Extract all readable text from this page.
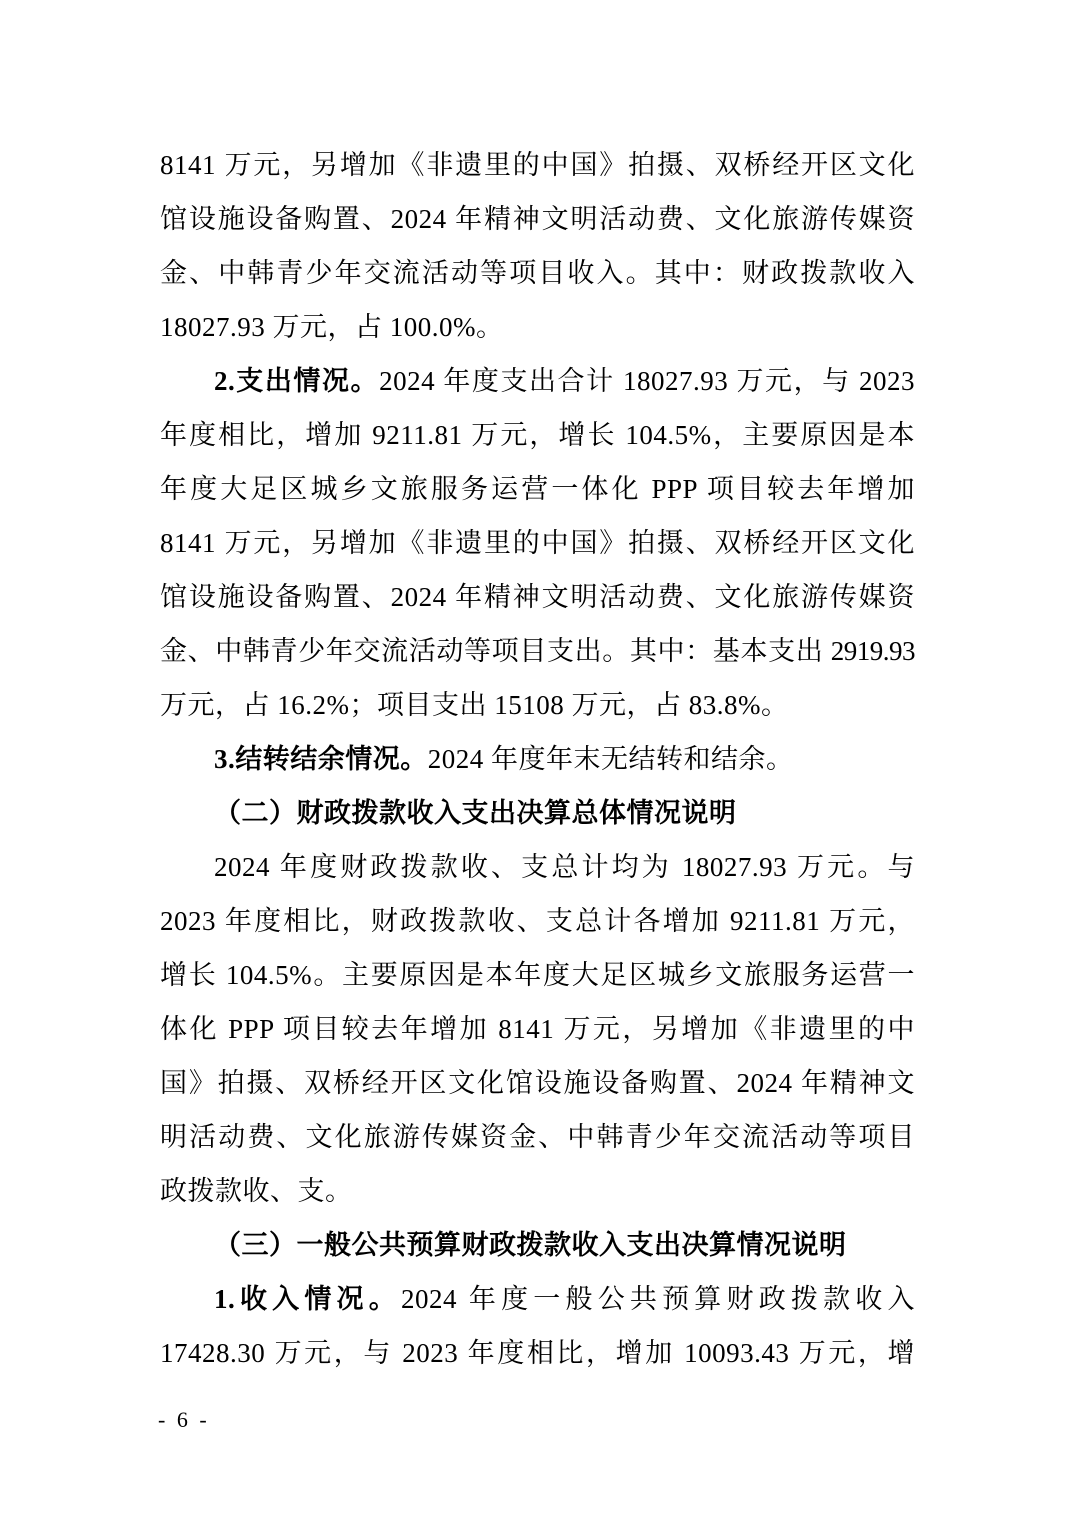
8141 万元，另增加《非遗里的中国》拍摄、双桥经开区文化
馆设施设备购置、2024 年精神文明活动费、文化旅游传媒资
金、中韩青少年交流活动等项目收入。其中：财政拨款收入
18027.93 万元，占 100.0%。
2.支出情况。2024 年度支出合计 18027.93 万元，与 2023
年度相比，增加 9211.81 万元，增长 104.5%，主要原因是本
年度大足区城乡文旅服务运营一体化 PPP 项目较去年增加
8141 万元，另增加《非遗里的中国》拍摄、双桥经开区文化
馆设施设备购置、2024 年精神文明活动费、文化旅游传媒资
金、中韩青少年交流活动等项目支出。其中：基本支出 2919.93
万元，占 16.2%；项目支出 15108 万元，占 83.8%。
3.结转结余情况。2024 年度年末无结转和结余。
（二）财政拨款收入支出决算总体情况说明
2024 年度财政拨款收、支总计均为 18027.93 万元。与
2023 年度相比，财政拨款收、支总计各增加 9211.81 万元，
增长 104.5%。主要原因是本年度大足区城乡文旅服务运营一
体化 PPP 项目较去年增加 8141 万元，另增加《非遗里的中
国》拍摄、双桥经开区文化馆设施设备购置、2024 年精神文
明活动费、文化旅游传媒资金、中韩青少年交流活动等项目
政拨款收、支。
（三）一般公共预算财政拨款收入支出决算情况说明
1.收入情况。2024 年度一般公共预算财政拨款收入
17428.30 万元，与 2023 年度相比，增加 10093.43 万元，增
- 6 -
